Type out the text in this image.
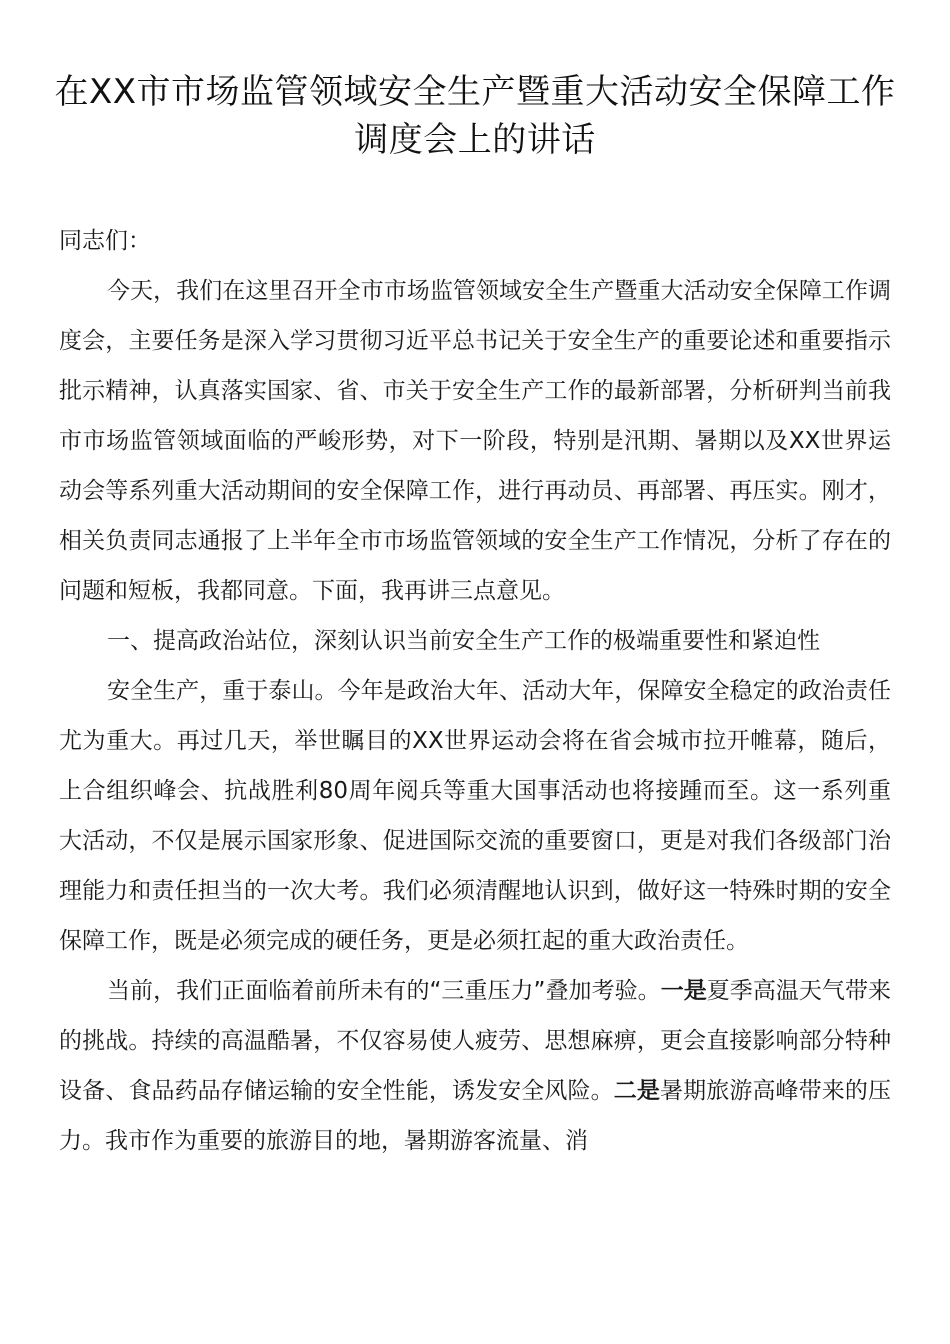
在XX市市场监管领域安全生产暨重大活动安全保障工作调度会上的讲话

同志们：

今天，我们在这里召开全市市场监管领域安全生产暨重大活动安全保障工作调度会，主要任务是深入学习贯彻习近平总书记关于安全生产的重要论述和重要指示批示精神，认真落实国家、省、市关于安全生产工作的最新部署，分析研判当前我市市场监管领域面临的严峻形势，对下一阶段，特别是汛期、暑期以及XX世界运动会等系列重大活动期间的安全保障工作，进行再动员、再部署、再压实。刚才，相关负责同志通报了上半年全市市场监管领域的安全生产工作情况，分析了存在的问题和短板，我都同意。下面，我再讲三点意见。

一、提高政治站位，深刻认识当前安全生产工作的极端重要性和紧迫性

安全生产，重于泰山。今年是政治大年、活动大年，保障安全稳定的政治责任尤为重大。再过几天，举世瞩目的XX世界运动会将在省会城市拉开帷幕，随后，上合组织峰会、抗战胜利80周年阅兵等重大国事活动也将接踵而至。这一系列重大活动，不仅是展示国家形象、促进国际交流的重要窗口，更是对我们各级部门治理能力和责任担当的一次大考。我们必须清醒地认识到，做好这一特殊时期的安全保障工作，既是必须完成的硬任务，更是必须扛起的重大政治责任。

当前，我们正面临着前所未有的“三重压力”叠加考验。一是夏季高温天气带来的挑战。持续的高温酷暑，不仅容易使人疲劳、思想麻痹，更会直接影响部分特种设备、食品药品存储运输的安全性能，诱发安全风险。二是暑期旅游高峰带来的压力。我市作为重要的旅游目的地，暑期游客流量、消
